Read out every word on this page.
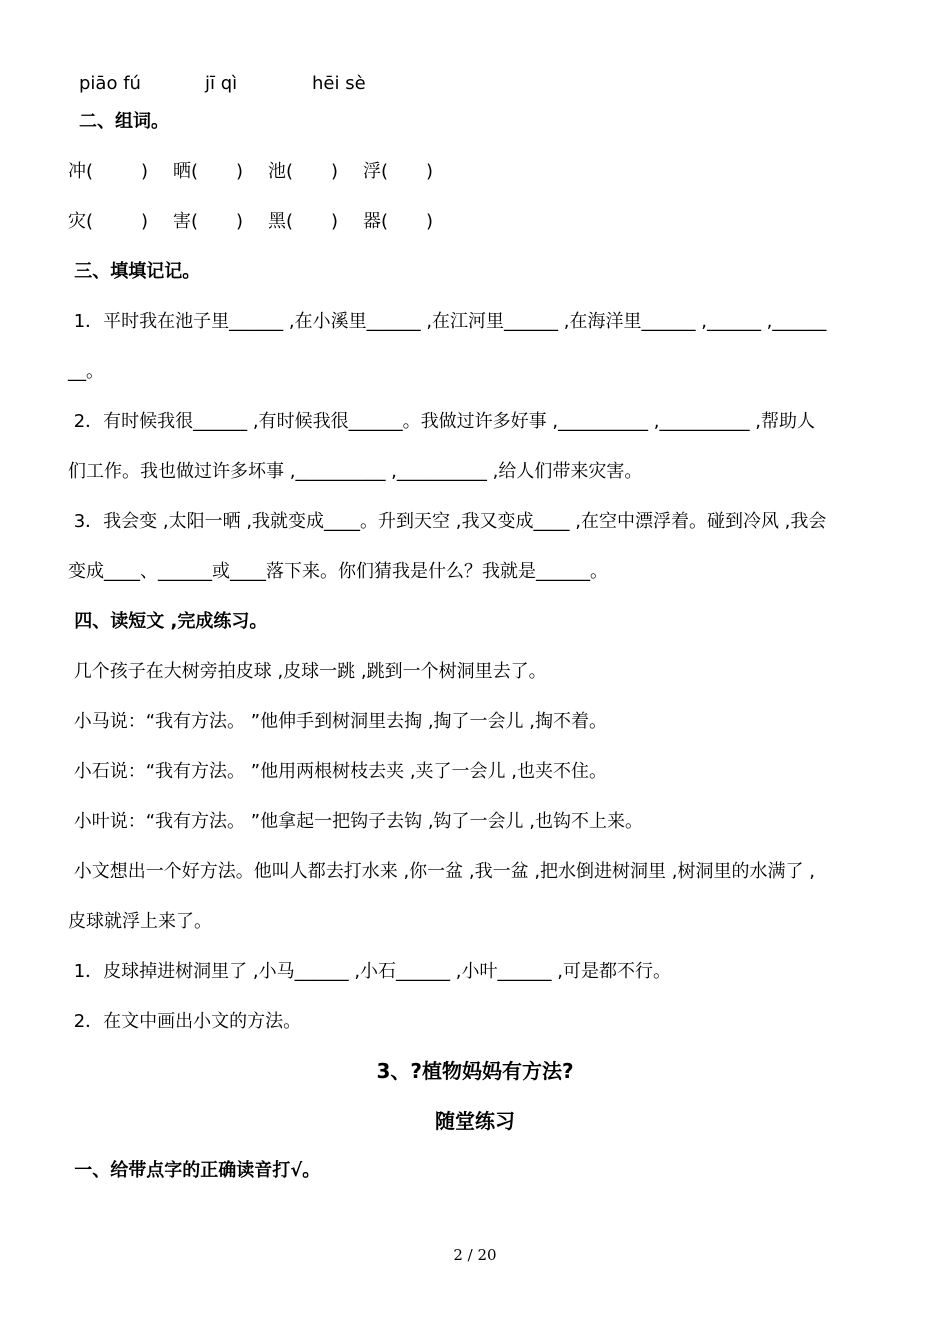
piāo fú	jī qì	hēi sè
二、组词。
冲(	) 晒( ) 池( ) 浮( )
灾(	) 害( ) 黑( ) 器( )
三、填填记记。
1．平时我在池子里______ ,在小溪里______ ,在江河里______ ,在海洋里______ ,______ ,______
__。
2．有时候我很______ ,有时候我很______。我做过许多好事 ,__________ ,__________ ,帮助人
们工作。我也做过许多坏事 ,__________ ,__________ ,给人们带来灾害。
3．我会变 ,太阳一晒 ,我就变成____。升到天空 ,我又变成____ ,在空中漂浮着。碰到冷风 ,我会
变成____、______或____落下来。你们猜我是什么？我就是______。
四、读短文 ,完成练习。
几个孩子在大树旁拍皮球 ,皮球一跳 ,跳到一个树洞里去了。
小马说：“我有方法。 ”他伸手到树洞里去掏 ,掏了一会儿 ,掏不着。
小石说：“我有方法。 ”他用两根树枝去夹 ,夹了一会儿 ,也夹不住。
小叶说：“我有方法。 ”他拿起一把钩子去钩 ,钩了一会儿 ,也钩不上来。
小文想出一个好方法。他叫人都去打水来 ,你一盆 ,我一盆 ,把水倒进树洞里 ,树洞里的水满了 ,
皮球就浮上来了。
1．皮球掉进树洞里了 ,小马______ ,小石______ ,小叶______ ,可是都不行。
2．在文中画出小文的方法。
3、?植物妈妈有方法?
随堂练习
一、给带点字的正确读音打√。
2 / 20
